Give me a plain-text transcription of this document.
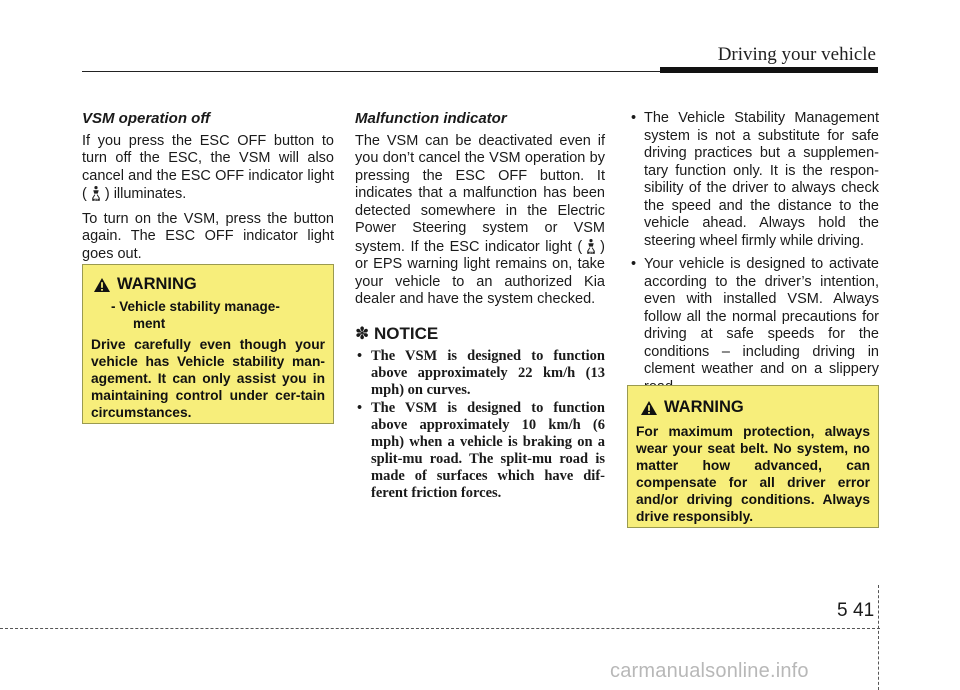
Driving your vehicle
VSM operation off

If you press the ESC OFF button to turn off the ESC, the VSM will also cancel and the ESC OFF indicator light (	OFF ) illuminates.

To turn on the VSM, press the button again. The ESC OFF indicator light goes out.

WARNING
- Vehicle stability manage-
ment
Drive carefully even though your vehicle has Vehicle stability man-agement. It can only assist you in maintaining control under cer-tain circumstances.
Malfunction indicator

The VSM can be deactivated even if you don’t cancel the VSM operation by pressing the ESC OFF button. It indicates that a malfunction has been detected somewhere in the Electric Power Steering system or VSM system. If the ESC indicator light (	OFF ) or EPS warning light remains on, take your vehicle to an authorized Kia dealer and have the system checked.

✽ NOTICE
• The VSM is designed to function above approximately 22 km/h (13 mph) on curves.
• The VSM is designed to function above approximately 10 km/h (6 mph) when a vehicle is braking on a split-mu road. The split-mu road is made of surfaces which have dif-ferent friction forces.
• The Vehicle Stability Management system is not a substitute for safe driving practices but a supplemen-tary function only. It is the respon-sibility of the driver to always check the speed and the distance to the vehicle ahead. Always hold the steering wheel firmly while driving.
• Your vehicle is designed to activate according to the driver’s intention, even with installed VSM. Always follow all the normal precautions for driving at safe speeds for the conditions – including driving in clement weather and on a slippery
WARNING
For maximum protection, always wear your seat belt. No system, no matter how advanced, can compensate for all driver error and/or driving conditions. Always drive responsibly.
5 41
carmanualsonline.info
